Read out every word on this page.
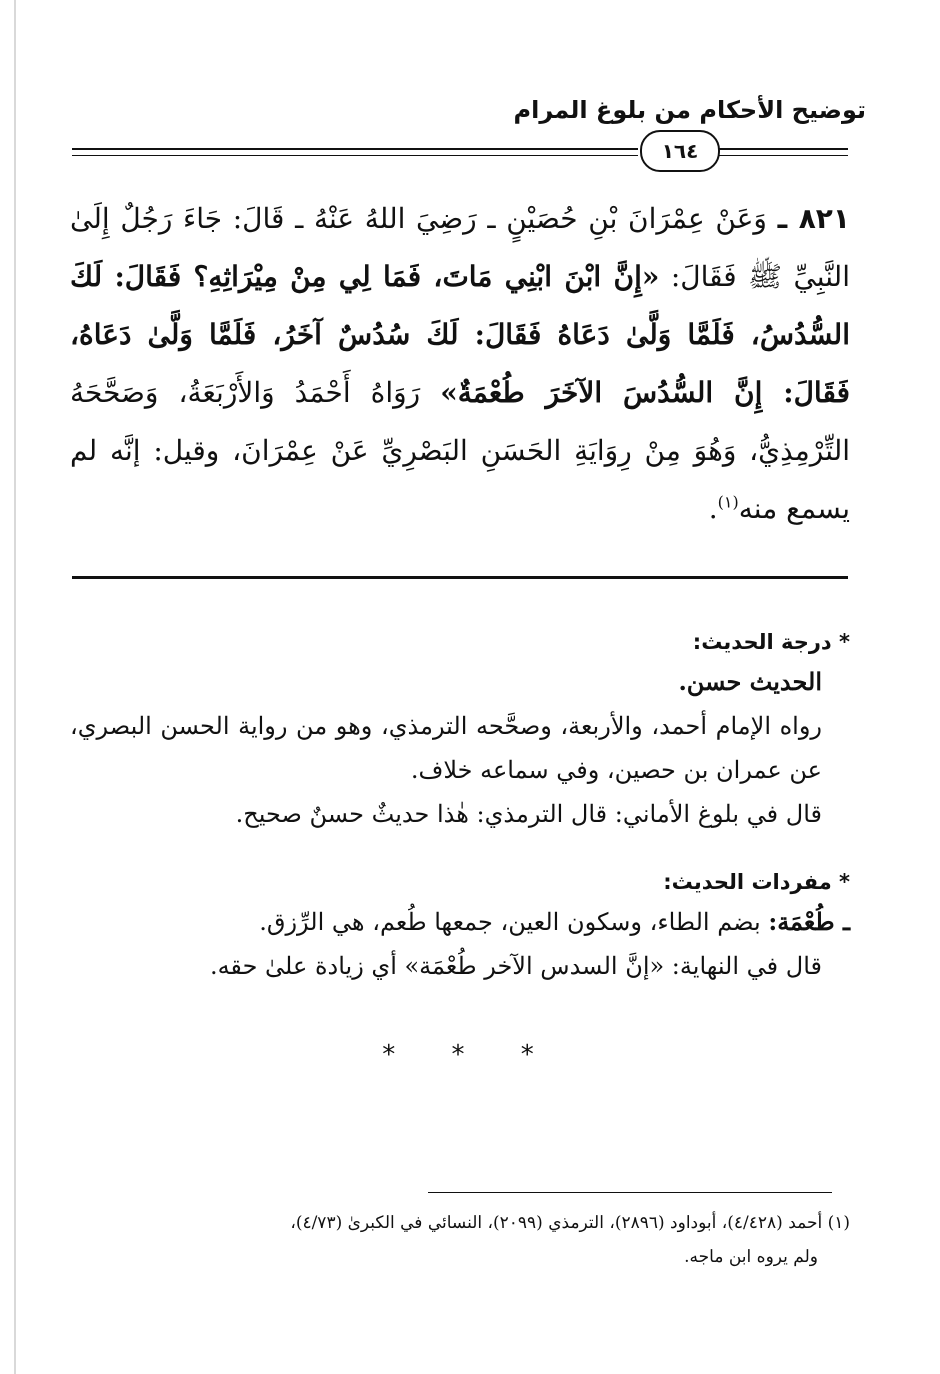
توضيح الأحكام من بلوغ المرام
١٦٤
٨٢١ ـ وَعَنْ عِمْرَانَ بْنِ حُصَيْنٍ ـ رَضِيَ اللهُ عَنْهُ ـ قَالَ: جَاءَ رَجُلٌ إِلَىٰ النَّبِيِّ ﷺ فَقَالَ: «إِنَّ ابْنَ ابْنِي مَاتَ، فَمَا لِي مِنْ مِيْرَاثِهِ؟ فَقَالَ: لَكَ السُّدُسُ، فَلَمَّا وَلَّىٰ دَعَاهُ فَقَالَ: لَكَ سُدُسٌ آخَرُ، فَلَمَّا وَلَّىٰ دَعَاهُ، فَقَالَ: إِنَّ السُّدُسَ الآخَرَ طُعْمَةٌ» رَوَاهُ أَحْمَدُ وَالأَرْبَعَةُ، وَصَحَّحَهُ التِّرْمِذِيُّ، وَهُوَ مِنْ رِوَايَةِ الحَسَنِ البَصْرِيِّ عَنْ عِمْرَانَ، وقيل: إنَّه لم يسمع منه$^{(١)}$.

* درجة الحديث:

الحديث حسن.

رواه الإمام أحمد، والأربعة، وصحَّحه الترمذي، وهو من رواية الحسن البصري، عن عمران بن حصين، وفي سماعه خلاف.

قال في بلوغ الأماني: قال الترمذي: هٰذا حديثٌ حسنٌ صحيح.

* مفردات الحديث:

ـ طُعْمَة: بضم الطاء، وسكون العين، جمعها طُعم، هي الرِّزق.

قال في النهاية: «إنَّ السدس الآخر طُعْمَة» أي زيادة علىٰ حقه.

* * *

(١) أحمد (٤/٤٢٨)، أبوداود (٢٨٩٦)، الترمذي (٢٠٩٩)، النسائي في الكبرىٰ (٤/٧٣)،

ولم يروه ابن ماجه.
